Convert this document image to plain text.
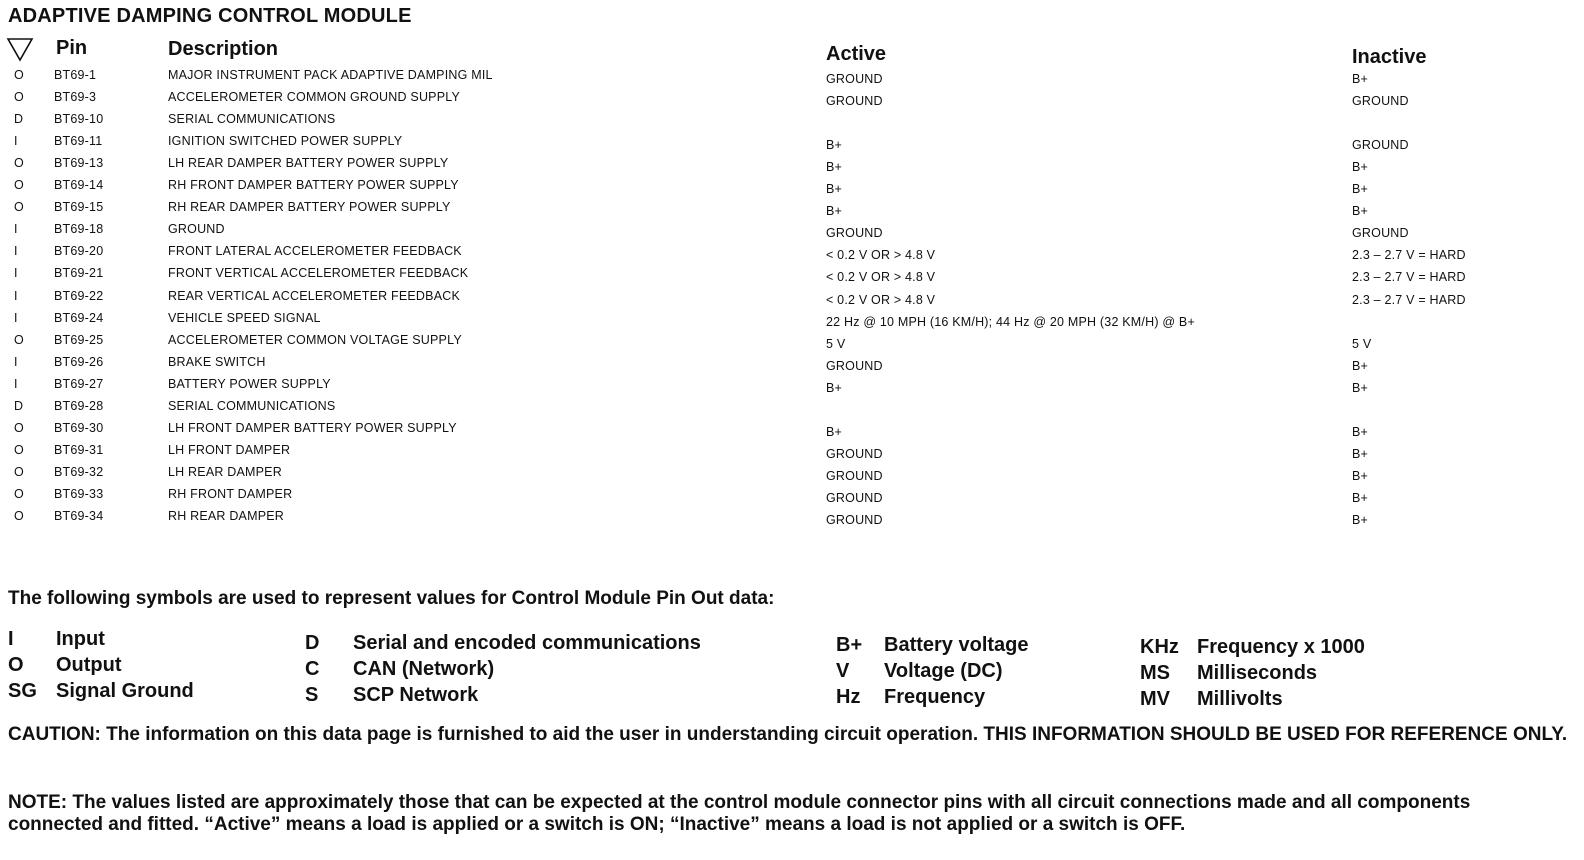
ADAPTIVE DAMPING CONTROL MODULE
Pin	Description	Active	Inactive
O BT69-1	MAJOR INSTRUMENT PACK ADAPTIVE DAMPING MIL	GROUND	B+
O BT69-3	ACCELEROMETER COMMON GROUND SUPPLY	GROUND	GROUND
D BT69-10	SERIAL COMMUNICATIONS
I	BT69-11	IGNITION SWITCHED POWER SUPPLY	B+	GROUND
O BT69-13	LH REAR DAMPER BATTERY POWER SUPPLY	B+	B+
O BT69-14	RH FRONT DAMPER BATTERY POWER SUPPLY	B+	B+
O BT69-15	RH REAR DAMPER BATTERY POWER SUPPLY	B+	B+
I	BT69-18	GROUND	GROUND	GROUND
I	BT69-20	FRONT LATERAL ACCELEROMETER FEEDBACK	< 0.2 V OR > 4.8 V	2.3 – 2.7 V = HARD
I	BT69-21	FRONT VERTICAL ACCELEROMETER FEEDBACK	< 0.2 V OR > 4.8 V	2.3 – 2.7 V = HARD
I	BT69-22	REAR VERTICAL ACCELEROMETER FEEDBACK	< 0.2 V OR > 4.8 V	2.3 – 2.7 V = HARD
I	BT69-24	VEHICLE SPEED SIGNAL	22 Hz @ 10 MPH (16 KM/H); 44 Hz @ 20 MPH (32 KM/H) @ B+
O BT69-25	ACCELEROMETER COMMON VOLTAGE SUPPLY	5 V	5 V
I	BT69-26	BRAKE SWITCH	GROUND	B+
I	BT69-27	BATTERY POWER SUPPLY	B+	B+
D BT69-28	SERIAL COMMUNICATIONS
O BT69-30	LH FRONT DAMPER BATTERY POWER SUPPLY	B+	B+
O BT69-31	LH FRONT DAMPER	GROUND	B+
O BT69-32	LH REAR DAMPER	GROUND	B+
O BT69-33	RH FRONT DAMPER	GROUND	B+
O BT69-34	RH REAR DAMPER	GROUND	B+
The following symbols are used to represent values for Control Module Pin Out data:
I Input
O Output
SG Signal Ground
D Serial and encoded communications
C CAN (Network)
S SCP Network
B+ Battery voltage
V Voltage (DC)
Hz Frequency
KHz Frequency x 1000
MS Milliseconds
MV Millivolts
CAUTION: The information on this data page is furnished to aid the user in understanding circuit operation. THIS INFORMATION SHOULD BE USED FOR REFERENCE ONLY.
NOTE: The values listed are approximately those that can be expected at the control module connector pins with all circuit connections made and all components connected and fitted. “Active” means a load is applied or a switch is ON; “Inactive” means a load is not applied or a switch is OFF.
